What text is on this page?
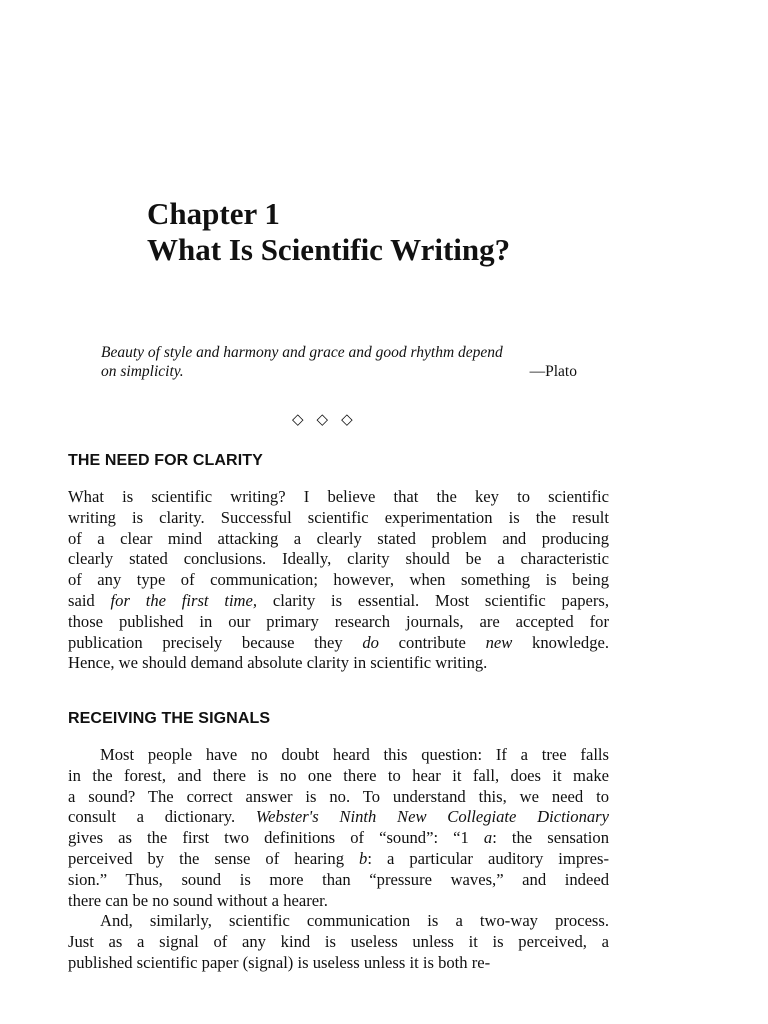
Chapter 1
What Is Scientific Writing?
Beauty of style and harmony and grace and good rhythm depend
on simplicity.	—Plato
◇◇◇
THE NEED FOR CLARITY
What is scientific writing? I believe that the key to scientific
writing is clarity. Successful scientific experimentation is the result
of a clear mind attacking a clearly stated problem and producing
clearly stated conclusions. Ideally, clarity should be a characteristic
of any type of communication; however, when something is being
said for the first time, clarity is essential. Most scientific papers,
those published in our primary research journals, are accepted for
publication precisely because they do contribute new knowledge.
Hence, we should demand absolute clarity in scientific writing.
RECEIVING THE SIGNALS
Most people have no doubt heard this question: If a tree falls
in the forest, and there is no one there to hear it fall, does it make
a sound? The correct answer is no. To understand this, we need to
consult a dictionary. Webster's Ninth New Collegiate Dictionary
gives as the first two definitions of “sound”: “1 a: the sensation
perceived by the sense of hearing b: a particular auditory impres-
sion.” Thus, sound is more than “pressure waves,” and indeed
there can be no sound without a hearer.
And, similarly, scientific communication is a two-way process.
Just as a signal of any kind is useless unless it is perceived, a
published scientific paper (signal) is useless unless it is both re-
